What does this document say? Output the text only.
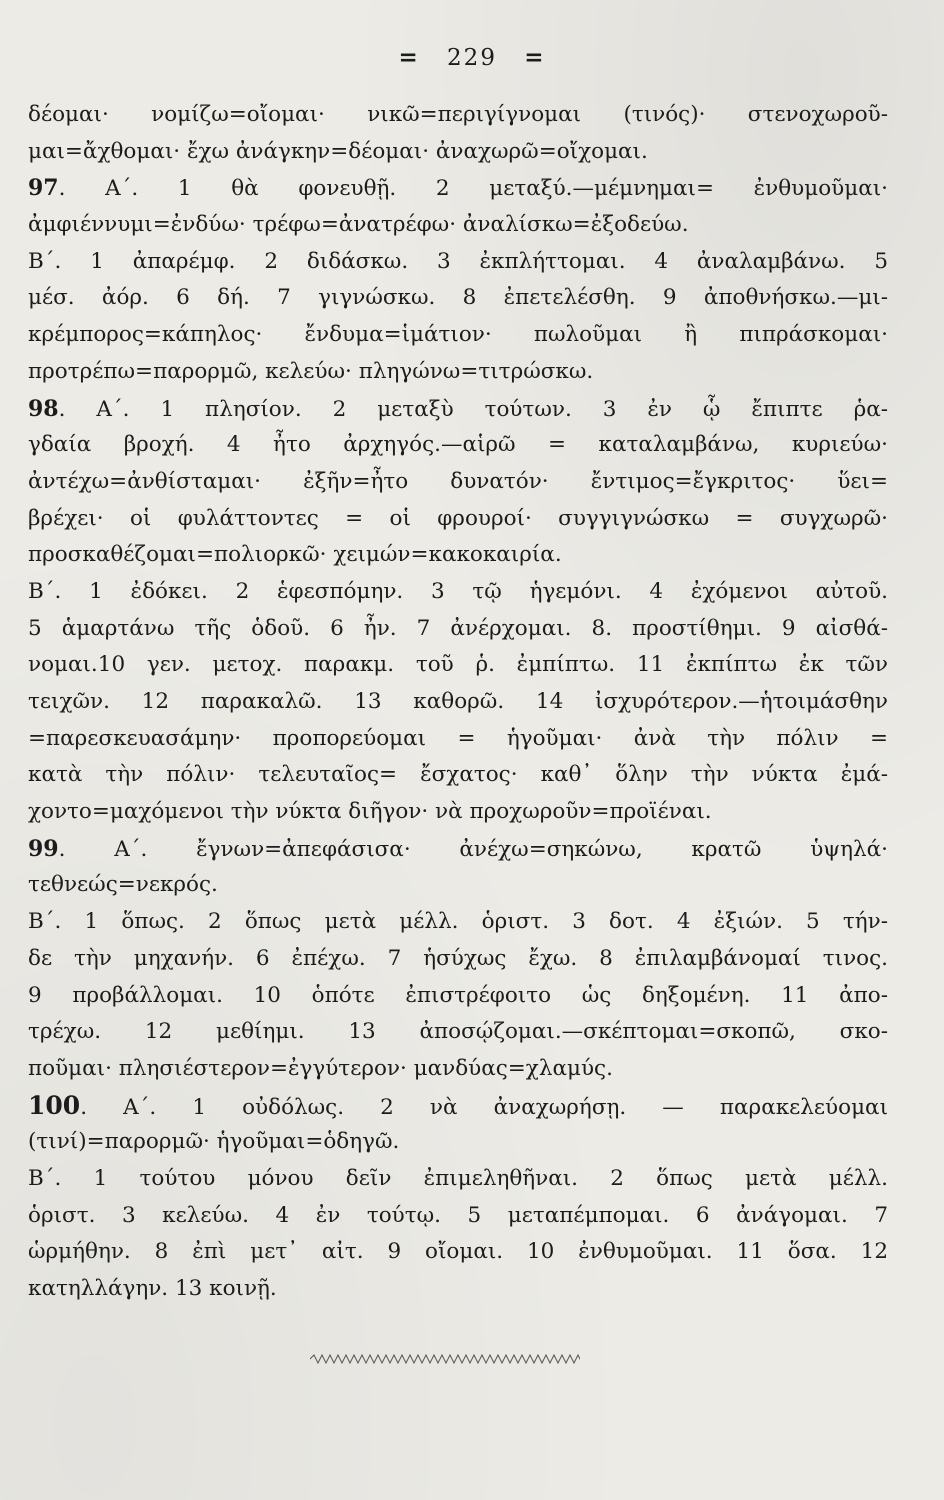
= 229 =
δέομαι· νομίζω=οἴομαι· νικῶ=περιγίγνομαι (τινός)· στενοχωροῦ-
μαι=ἄχθομαι· ἔχω ἀνάγκην=δέομαι· ἀναχωρῶ=οἴχομαι.
97. Α΄. 1 θὰ φονευθῇ. 2 μεταξύ.—μέμνημαι= ἐνθυμοῦμαι·
ἀμφιέννυμι=ἐνδύω· τρέφω=ἀνατρέφω· ἀναλίσκω=ἐξοδεύω.
Β΄. 1 ἀπαρέμφ. 2 διδάσκω. 3 ἐκπλήττομαι. 4 ἀναλαμβάνω. 5
μέσ. ἀόρ. 6 δή. 7 γιγνώσκω. 8 ἐπετελέσθη. 9 ἀποθνήσκω.—μι-
κρέμπορος=κάπηλος· ἔνδυμα=ἱμάτιον· πωλοῦμαι ἢ πιπράσκομαι·
προτρέπω=παρορμῶ, κελεύω· πληγώνω=τιτρώσκω.
98. Α΄. 1 πλησίον. 2 μεταξὺ τούτων. 3 ἐν ᾧ ἔπιπτε ῥα-
γδαία βροχή. 4 ἦτο ἀρχηγός.—αἱρῶ = καταλαμβάνω, κυριεύω·
ἀντέχω=ἀνθίσταμαι· ἐξῆν=ἦτο δυνατόν· ἔντιμος=ἔγκριτος· ὕει=
βρέχει· οἱ φυλάττοντες = οἱ φρουροί· συγγιγνώσκω = συγχωρῶ·
προσκαθέζομαι=πολιορκῶ· χειμών=κακοκαιρία.
Β΄. 1 ἐδόκει. 2 ἑφεσπόμην. 3 τῷ ἡγεμόνι. 4 ἐχόμενοι αὐτοῦ.
5 ἁμαρτάνω τῆς ὁδοῦ. 6 ἦν. 7 ἀνέρχομαι. 8. προστίθημι. 9 αἰσθά-
νομαι.10 γεν. μετοχ. παρακμ. τοῦ ῥ. ἐμπίπτω. 11 ἐκπίπτω ἐκ τῶν
τειχῶν. 12 παρακαλῶ. 13 καθορῶ. 14 ἰσχυρότερον.—ἡτοιμάσθην
=παρεσκευασάμην· προπορεύομαι = ἡγοῦμαι· ἀνὰ τὴν πόλιν =
κατὰ τὴν πόλιν· τελευταῖος= ἔσχατος· καθ᾽ ὅλην τὴν νύκτα ἐμά-
χοντο=μαχόμενοι τὴν νύκτα διῆγον· νὰ προχωροῦν=προϊέναι.
99. Α΄. ἔγνων=ἀπεφάσισα· ἀνέχω=σηκώνω, κρατῶ ὑψηλά·
τεθνεώς=νεκρός.
Β΄. 1 ὅπως. 2 ὅπως μετὰ μέλλ. ὁριστ. 3 δοτ. 4 ἐξιών. 5 τήν-
δε τὴν μηχανήν. 6 ἐπέχω. 7 ἡσύχως ἔχω. 8 ἐπιλαμβάνομαί τινος.
9 προβάλλομαι. 10 ὁπότε ἐπιστρέφοιτο ὡς δηξομένη. 11 ἀπο-
τρέχω. 12 μεθίημι. 13 ἀποσῴζομαι.—σκέπτομαι=σκοπῶ, σκο-
ποῦμαι· πλησιέστερον=ἐγγύτερον· μανδύας=χλαμύς.
100. Α΄. 1 οὐδόλως. 2 νὰ ἀναχωρήσῃ. — παρακελεύομαι
(τινί)=παρορμῶ· ἡγοῦμαι=ὁδηγῶ.
Β΄. 1 τούτου μόνου δεῖν ἐπιμεληθῆναι. 2 ὅπως μετὰ μέλλ.
ὁριστ. 3 κελεύω. 4 ἐν τούτῳ. 5 μεταπέμπομαι. 6 ἀνάγομαι. 7
ὡρμήθην. 8 ἐπὶ μετ᾽ αἰτ. 9 οἴομαι. 10 ἐνθυμοῦμαι. 11 ὅσα. 12
κατηλλάγην. 13 κοινῇ.
